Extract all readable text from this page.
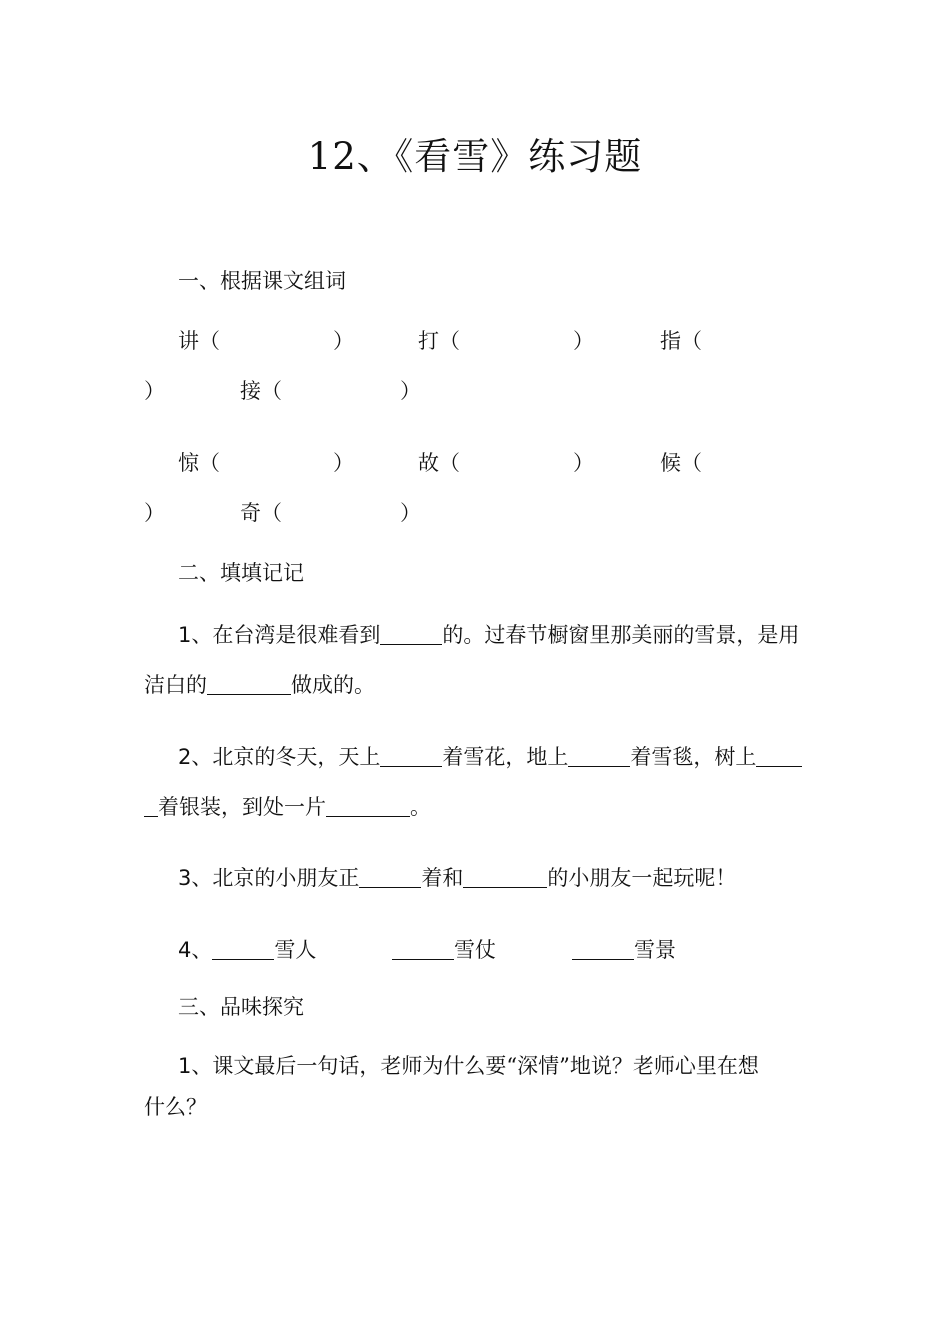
12、《看雪》练习题
一、根据课文组词
讲（	）	打（	）	指（
）	接（	）
惊（	）	故（	）	候（
）	奇（	）
二、填填记记
1、在台湾是很难看到	的。过春节橱窗里那美丽的雪景，是用
洁白的	做成的。
2、北京的冬天，天上	着雪花，地上	着雪毯，树上
着银装，到处一片	。
3、北京的小朋友正	着和	的小朋友一起玩呢！
4、	雪人	雪仗	雪景
三、品味探究
1、课文最后一句话，老师为什么要“深情”地说？老师心里在想
什么？
